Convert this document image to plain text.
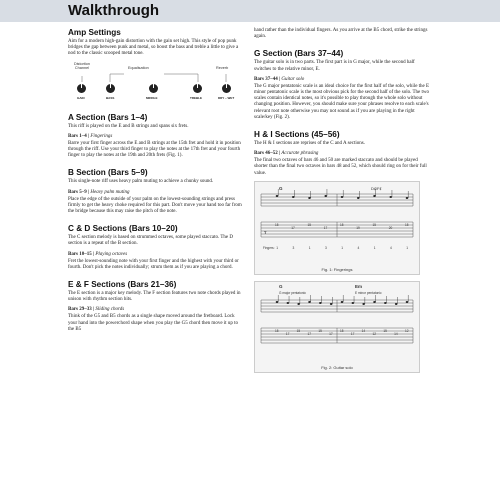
Walkthrough
Amp Settings

Aim for a modern high-gain distortion with the gain set high. This style of pop punk bridges the gap between punk and metal, so boost the bass and treble a little to give a nod to the classic scooped metal tone.

Distortion Channel	Equalisation	Reverb
GAIN	BASS	MIDDLE	TREBLE	DRY – WET
A Section (Bars 1–4)

This riff is played on the E and B strings and spans six frets.

Bars 1–4 | Fingerings

Barre your first finger across the E and B strings at the 15th fret and hold it in position through the riff. Use your third finger to play the notes at the 17th fret and your fourth finger to play the notes at the 19th and 20th frets (Fig. 1).

B Section (Bars 5–9)

This single-note riff uses heavy palm muting to achieve a chunky sound.

Bars 5–9 | Heavy palm muting

Place the edge of the outside of your palm on the lowest-sounding strings and press firmly to get the heavy choke required for this part. Don't move your hand too far from the bridge because this may raise the pitch of the note.

C & D Sections (Bars 10–20)

The C section melody is based on strummed octaves, some played staccato. The D section is a repeat of the B section.

Bars 10–15 | Playing octaves

Fret the lowest-sounding note with your first finger and the highest with your third or fourth. Don't pick the notes individually; strum them as if you are playing a chord.

E & F Sections (Bars 21–36)

The E section is a major key melody. The F section features two note chords played in unison with rhythm section hits.

Bars 29–33 | Sliding chords

Think of the G5 and B5 chords as a single shape moved around the fretboard. Lock your hand into the powerchord shape when you play the G5 chord then move it up to the B5

hand rather than the individual fingers. As you arrive at the B5 chord, strike the strings again.

G Section (Bars 37–44)

The guitar solo is in two parts. The first part is in G major, while the second half switches to the relative minor, E.

Bars 37–44 | Guitar solo

The G major pentatonic scale is an ideal choice for the first half of the solo, while the E minor pentatonic scale is the most obvious pick for the second half of the solo. The two scales contain identical notes, so it's possible to play through the whole solo without changing position. However, you should make sure your phrases resolve to each scale's relevant root note otherwise you may not sound as if you are playing in the right scale/key (Fig. 2).

H & I Sections (45–56)

The H & I sections are reprises of the C and A sections.

Bars 46–52 | Accurate phrasing

The final two octaves of bars 46 and 50 are marked staccato and should be played shorter than the final two octaves in bars 48 and 52, which should ring on for their full value.

T
G	D♯/F♯
15
17
15
17
15
19
15
20
15
Fingers: 1	3	1	3	1	4	1	4	1
Fig. 1: Fingerings
G	Em
G major pentatonic	E minor pentatonic
15
17
15
17
15
17
15
17
14
12
15
14
12
Fig. 2: Guitar solo
